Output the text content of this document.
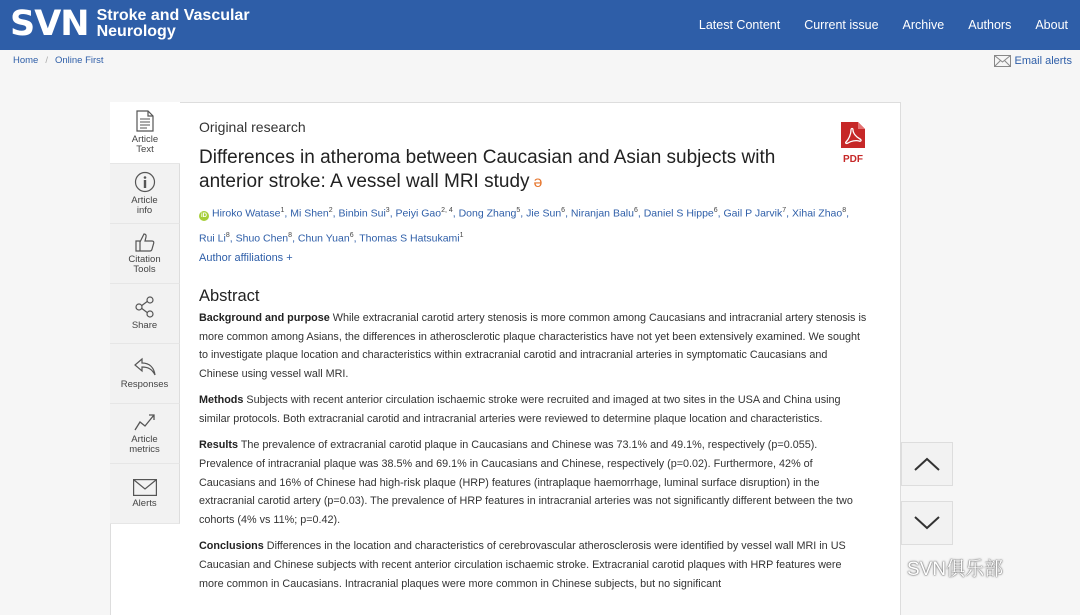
SVN Stroke and Vascular
Neurology	Latest Content Current issue Archive Authors About
Home / Online First	Email alerts
Article
Text
Article
info
Citation
Tools
Share
Responses
Article
metrics
Alerts
Original research
Differences in atheroma between Caucasian and Asian subjects with anterior stroke: A vessel wall MRI study ə
PDF
iD Hiroko Watase$^1$, Mi Shen$^2$, Binbin Sui$^3$, Peiyi Gao$^{2, 4}$, Dong Zhang$^5$, Jie Sun$^6$, Niranjan Balu$^6$, Daniel S Hippe$^6$, Gail P Jarvik$^7$, Xihai Zhao$^8$, Rui Li$^8$, Shuo Chen$^8$, Chun Yuan$^6$, Thomas S Hatsukami$^1$
Author affiliations +
Abstract

Background and purpose While extracranial carotid artery stenosis is more common among Caucasians and intracranial artery stenosis is more common among Asians, the differences in atherosclerotic plaque characteristics have not yet been extensively examined. We sought to investigate plaque location and characteristics within extracranial carotid and intracranial arteries in symptomatic Caucasians and Chinese using vessel wall MRI.

Methods Subjects with recent anterior circulation ischaemic stroke were recruited and imaged at two sites in the USA and China using similar protocols. Both extracranial carotid and intracranial arteries were reviewed to determine plaque location and characteristics.

Results The prevalence of extracranial carotid plaque in Caucasians and Chinese was 73.1% and 49.1%, respectively (p=0.055). Prevalence of intracranial plaque was 38.5% and 69.1% in Caucasians and Chinese, respectively (p=0.02). Furthermore, 42% of Caucasians and 16% of Chinese had high-risk plaque (HRP) features (intraplaque haemorrhage, luminal surface disruption) in the extracranial carotid artery (p=0.03). The prevalence of HRP features in intracranial arteries was not significantly different between the two cohorts (4% vs 11%; p=0.42).

Conclusions Differences in the location and characteristics of cerebrovascular atherosclerosis were identified by vessel wall MRI in US Caucasian and Chinese subjects with recent anterior circulation ischaemic stroke. Extracranial carotid plaques with HRP features were more common in Caucasians. Intracranial plaques were more common in Chinese subjects, but no significant

SVN俱乐部
